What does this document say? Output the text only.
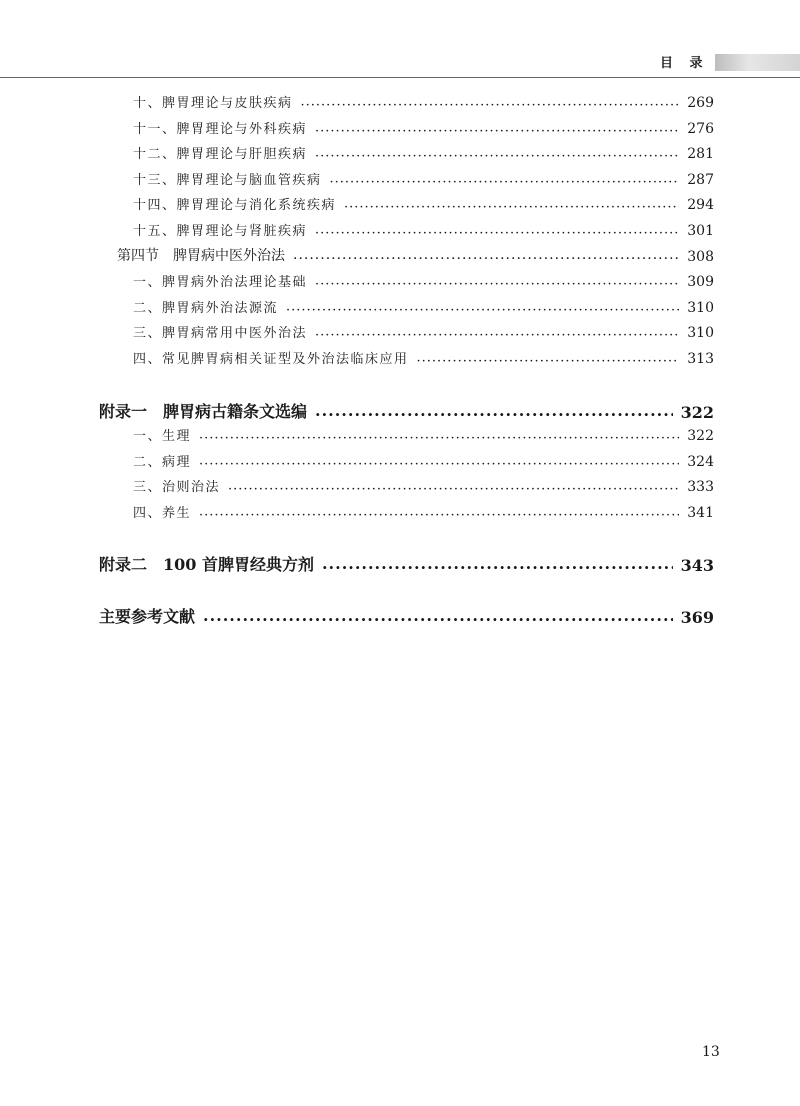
目 录
十、脾胃理论与皮肤疾病 ·····	269
十一、脾胃理论与外科疾病 ·····	276
十二、脾胃理论与肝胆疾病 ·····	281
十三、脾胃理论与脑血管疾病 ·····	287
十四、脾胃理论与消化系统疾病 ·····	294
十五、脾胃理论与肾脏疾病 ·····	301
第四节　脾胃病中医外治法 ·····	308
一、脾胃病外治法理论基础 ·····	309
二、脾胃病外治法源流 ·····	310
三、脾胃病常用中医外治法 ·····	310
四、常见脾胃病相关证型及外治法临床应用 ·····	313
附录一　脾胃病古籍条文选编 ·····	322
一、生理 ·····	322
二、病理 ·····	324
三、治则治法 ·····	333
四、养生 ·····	341
附录二　100 首脾胃经典方剂 ·····	343
主要参考文献 ·····	369
13
